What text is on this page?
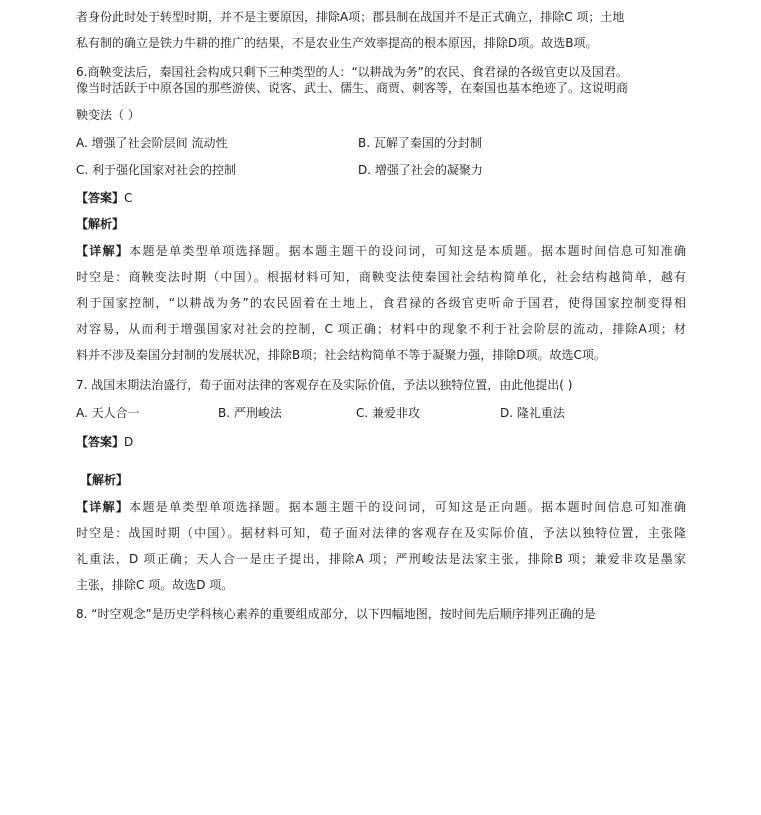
者身份此时处于转型时期，并不是主要原因，排除A项；郡县制在战国并不是正式确立，排除C 项；土地
私有制的确立是铁力牛耕的推广的结果，不是农业生产效率提高的根本原因，排除D项。故选B项。
6.商鞅变法后，秦国社会构成只剩下三种类型的人：“以耕战为务”的农民、食君禄的各级官吏以及国君。
像当时活跃于中原各国的那些游侠、说客、武士、儒生、商贾、刺客等，在秦国也基本绝迹了。这说明商
鞅变法（ ）
A. 增强了社会阶层间 流动性	B. 瓦解了秦国的分封制
C. 利于强化国家对社会的控制	D. 增强了社会的凝聚力
【答案】C
【解析】
【详解】本题是单类型单项选择题。据本题主题干的设问词，可知这是本质题。据本题时间信息可知准确
时空是：商鞅变法时期（中国）。根据材料可知，商鞅变法使秦国社会结构简单化，社会结构越简单，越有
利于国家控制，“以耕战为务”的农民固着在土地上，食君禄的各级官吏听命于国君，使得国家控制变得相
对容易，从而利于增强国家对社会的控制，C 项正确；材料中的现象不利于社会阶层的流动，排除A项；材
料并不涉及秦国分封制的发展状况，排除B项；社会结构简单不等于凝聚力强，排除D项。故选C项。
7. 战国末期法治盛行，荀子面对法律的客观存在及实际价值，予法以独特位置，由此他提出( )
A. 天人合一	B. 严刑峻法	C. 兼爱非攻	D. 隆礼重法
【答案】D
【解析】
【详解】本题是单类型单项选择题。据本题主题干的设问词，可知这是正向题。据本题时间信息可知准确
时空是：战国时期（中国）。据材料可知，荀子面对法律的客观存在及实际价值，予法以独特位置，主张隆
礼重法，D 项正确；天人合一是庄子提出，排除A 项；严刑峻法是法家主张，排除B 项；兼爱非攻是墨家
主张，排除C 项。故选D 项。
8. “时空观念”是历史学科核心素养的重要组成部分，以下四幅地图，按时间先后顺序排列正确的是
